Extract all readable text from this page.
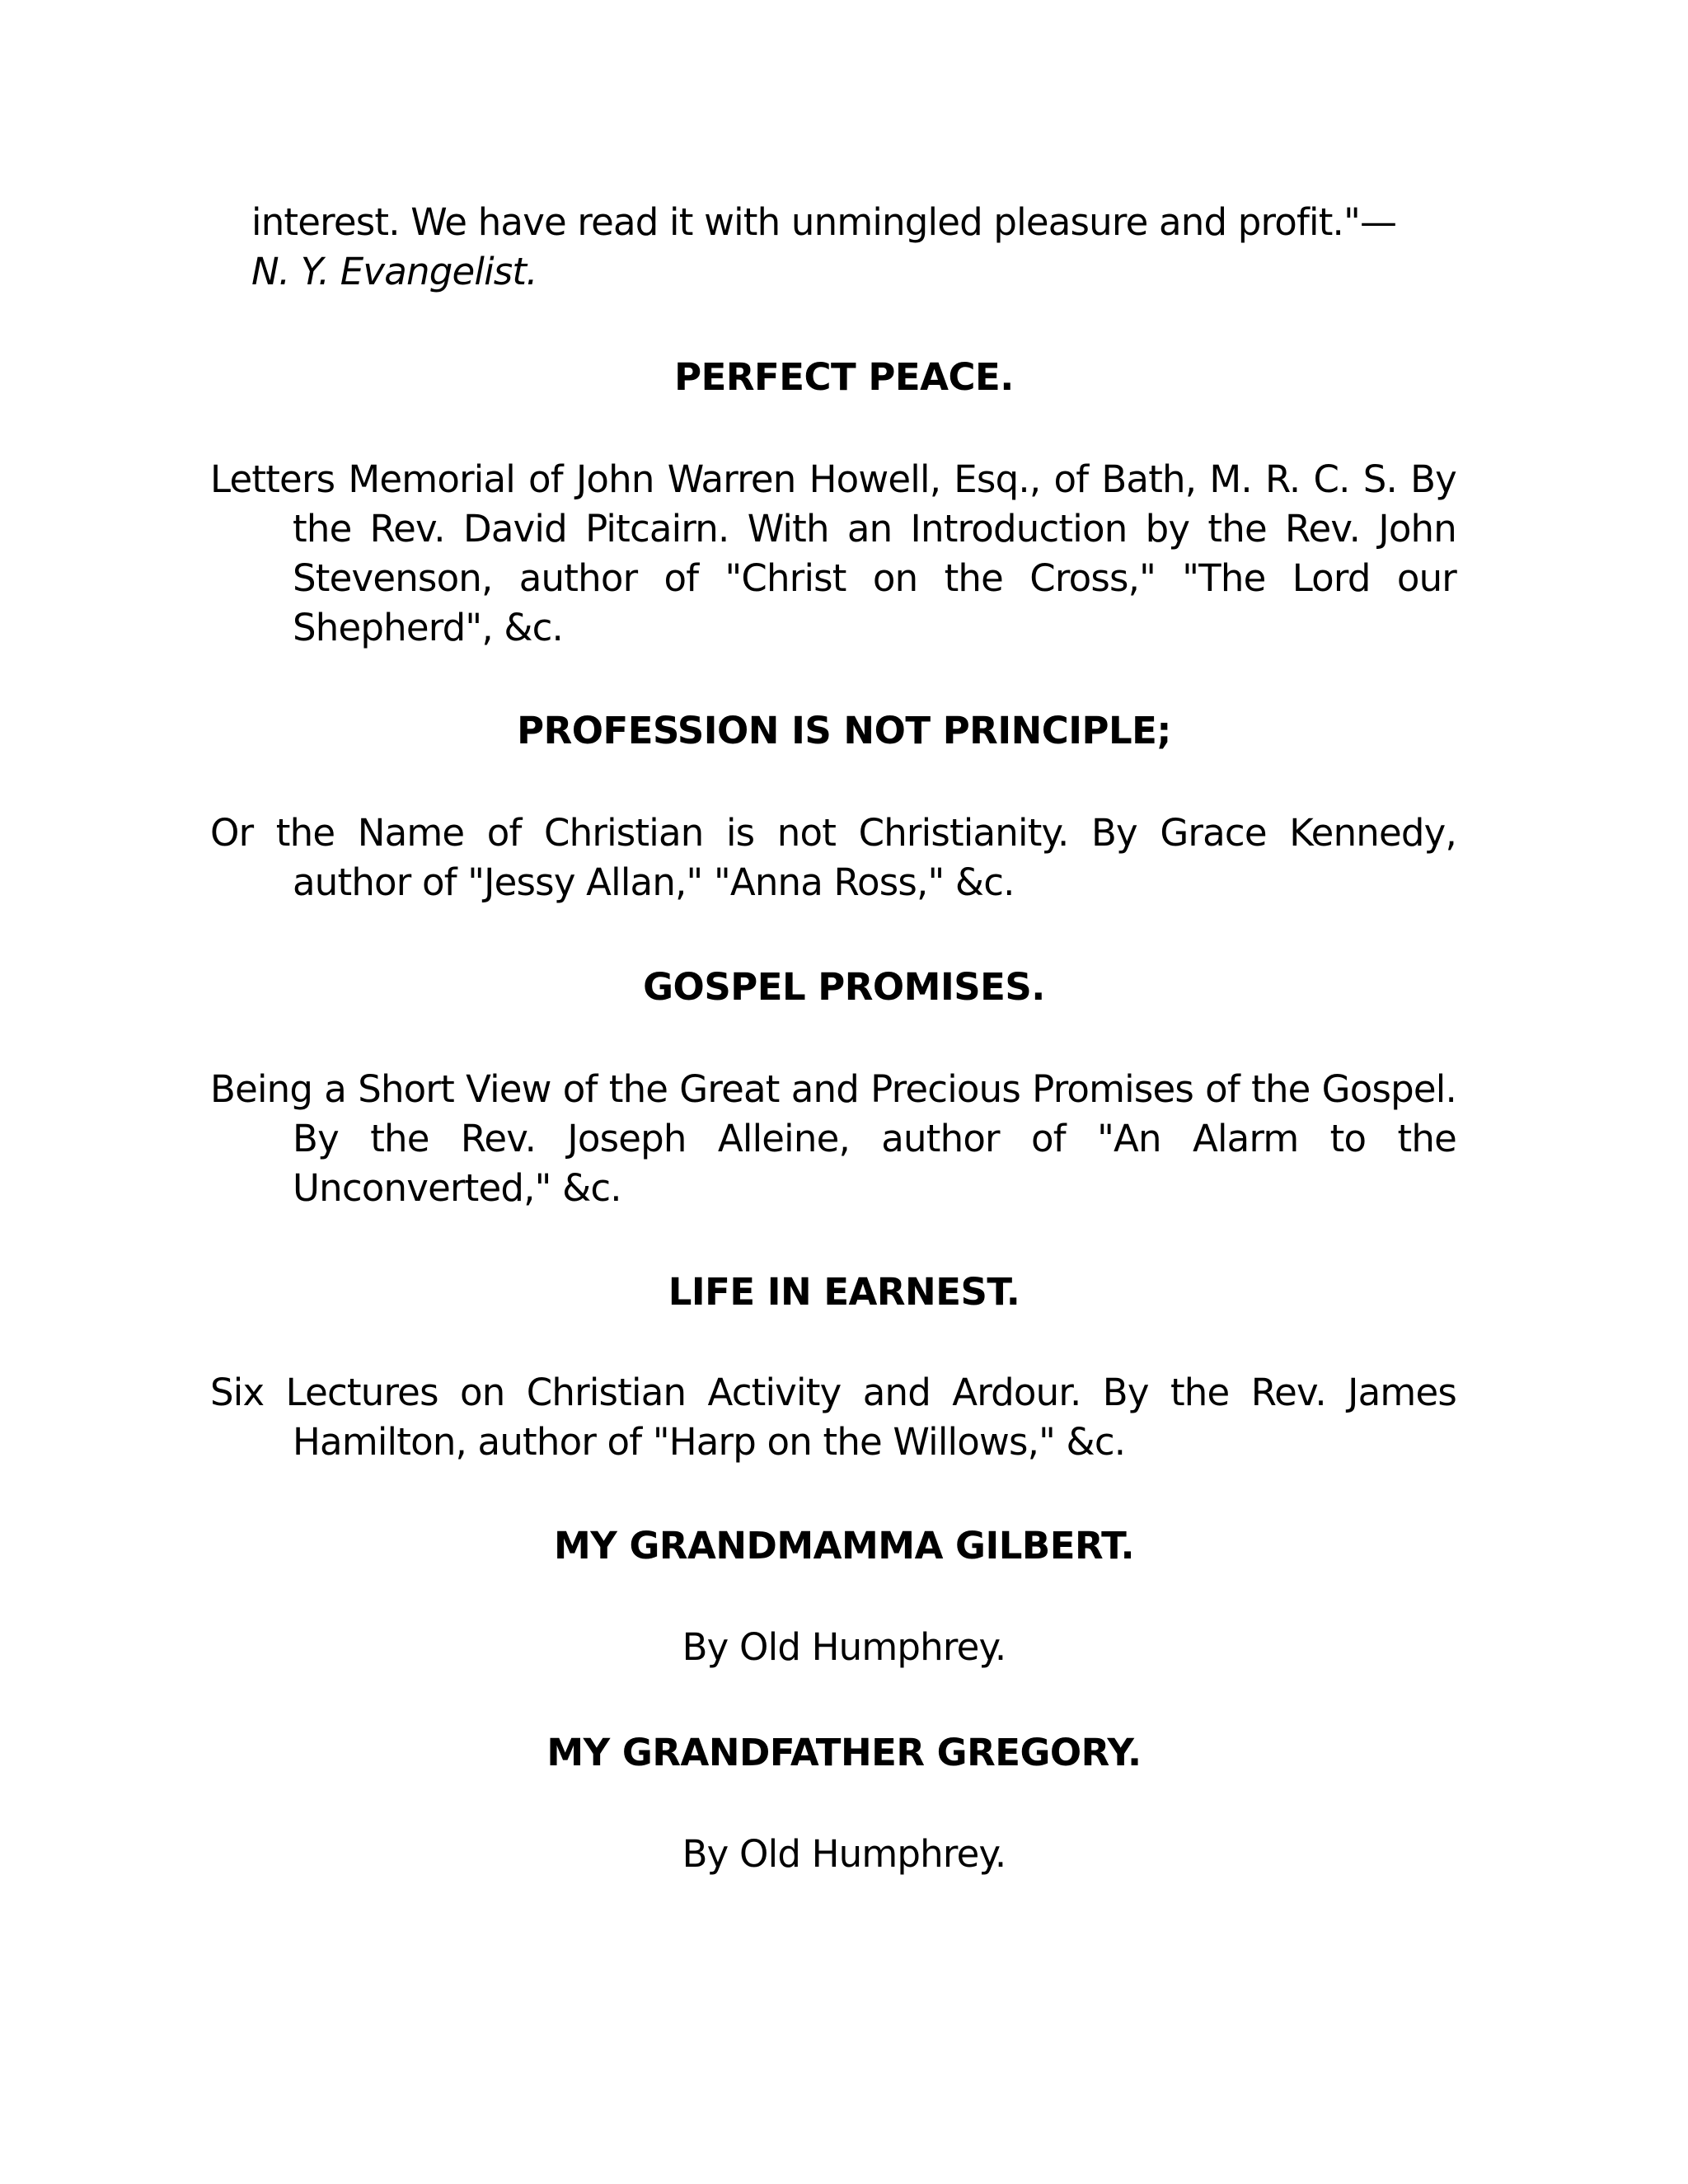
interest. We have read it with unmingled pleasure and profit."—
N. Y. Evangelist.

PERFECT PEACE.

Letters Memorial of John Warren Howell, Esq., of Bath, M. R. C. S. By the Rev. David Pitcairn. With an Introduction by the Rev. John Stevenson, author of "Christ on the Cross," "The Lord our Shepherd", &c.

PROFESSION IS NOT PRINCIPLE;

Or the Name of Christian is not Christianity. By Grace Kennedy, author of "Jessy Allan," "Anna Ross," &c.

GOSPEL PROMISES.

Being a Short View of the Great and Precious Promises of the Gospel. By the Rev. Joseph Alleine, author of "An Alarm to the Unconverted," &c.

LIFE IN EARNEST.

Six Lectures on Christian Activity and Ardour. By the Rev. James Hamilton, author of "Harp on the Willows," &c.

MY GRANDMAMMA GILBERT.

By Old Humphrey.

MY GRANDFATHER GREGORY.

By Old Humphrey.
